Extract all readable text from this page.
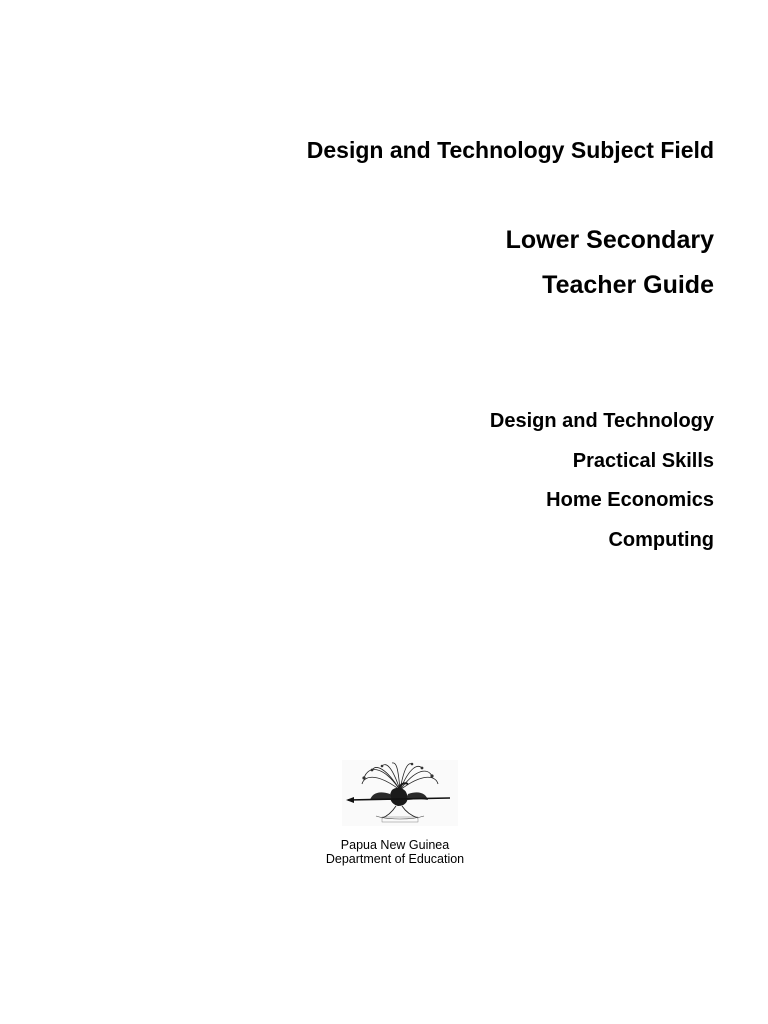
Design and Technology Subject Field
Lower Secondary
Teacher Guide
Design and Technology
Practical Skills
Home Economics
Computing
Papua New Guinea
Department of Education
